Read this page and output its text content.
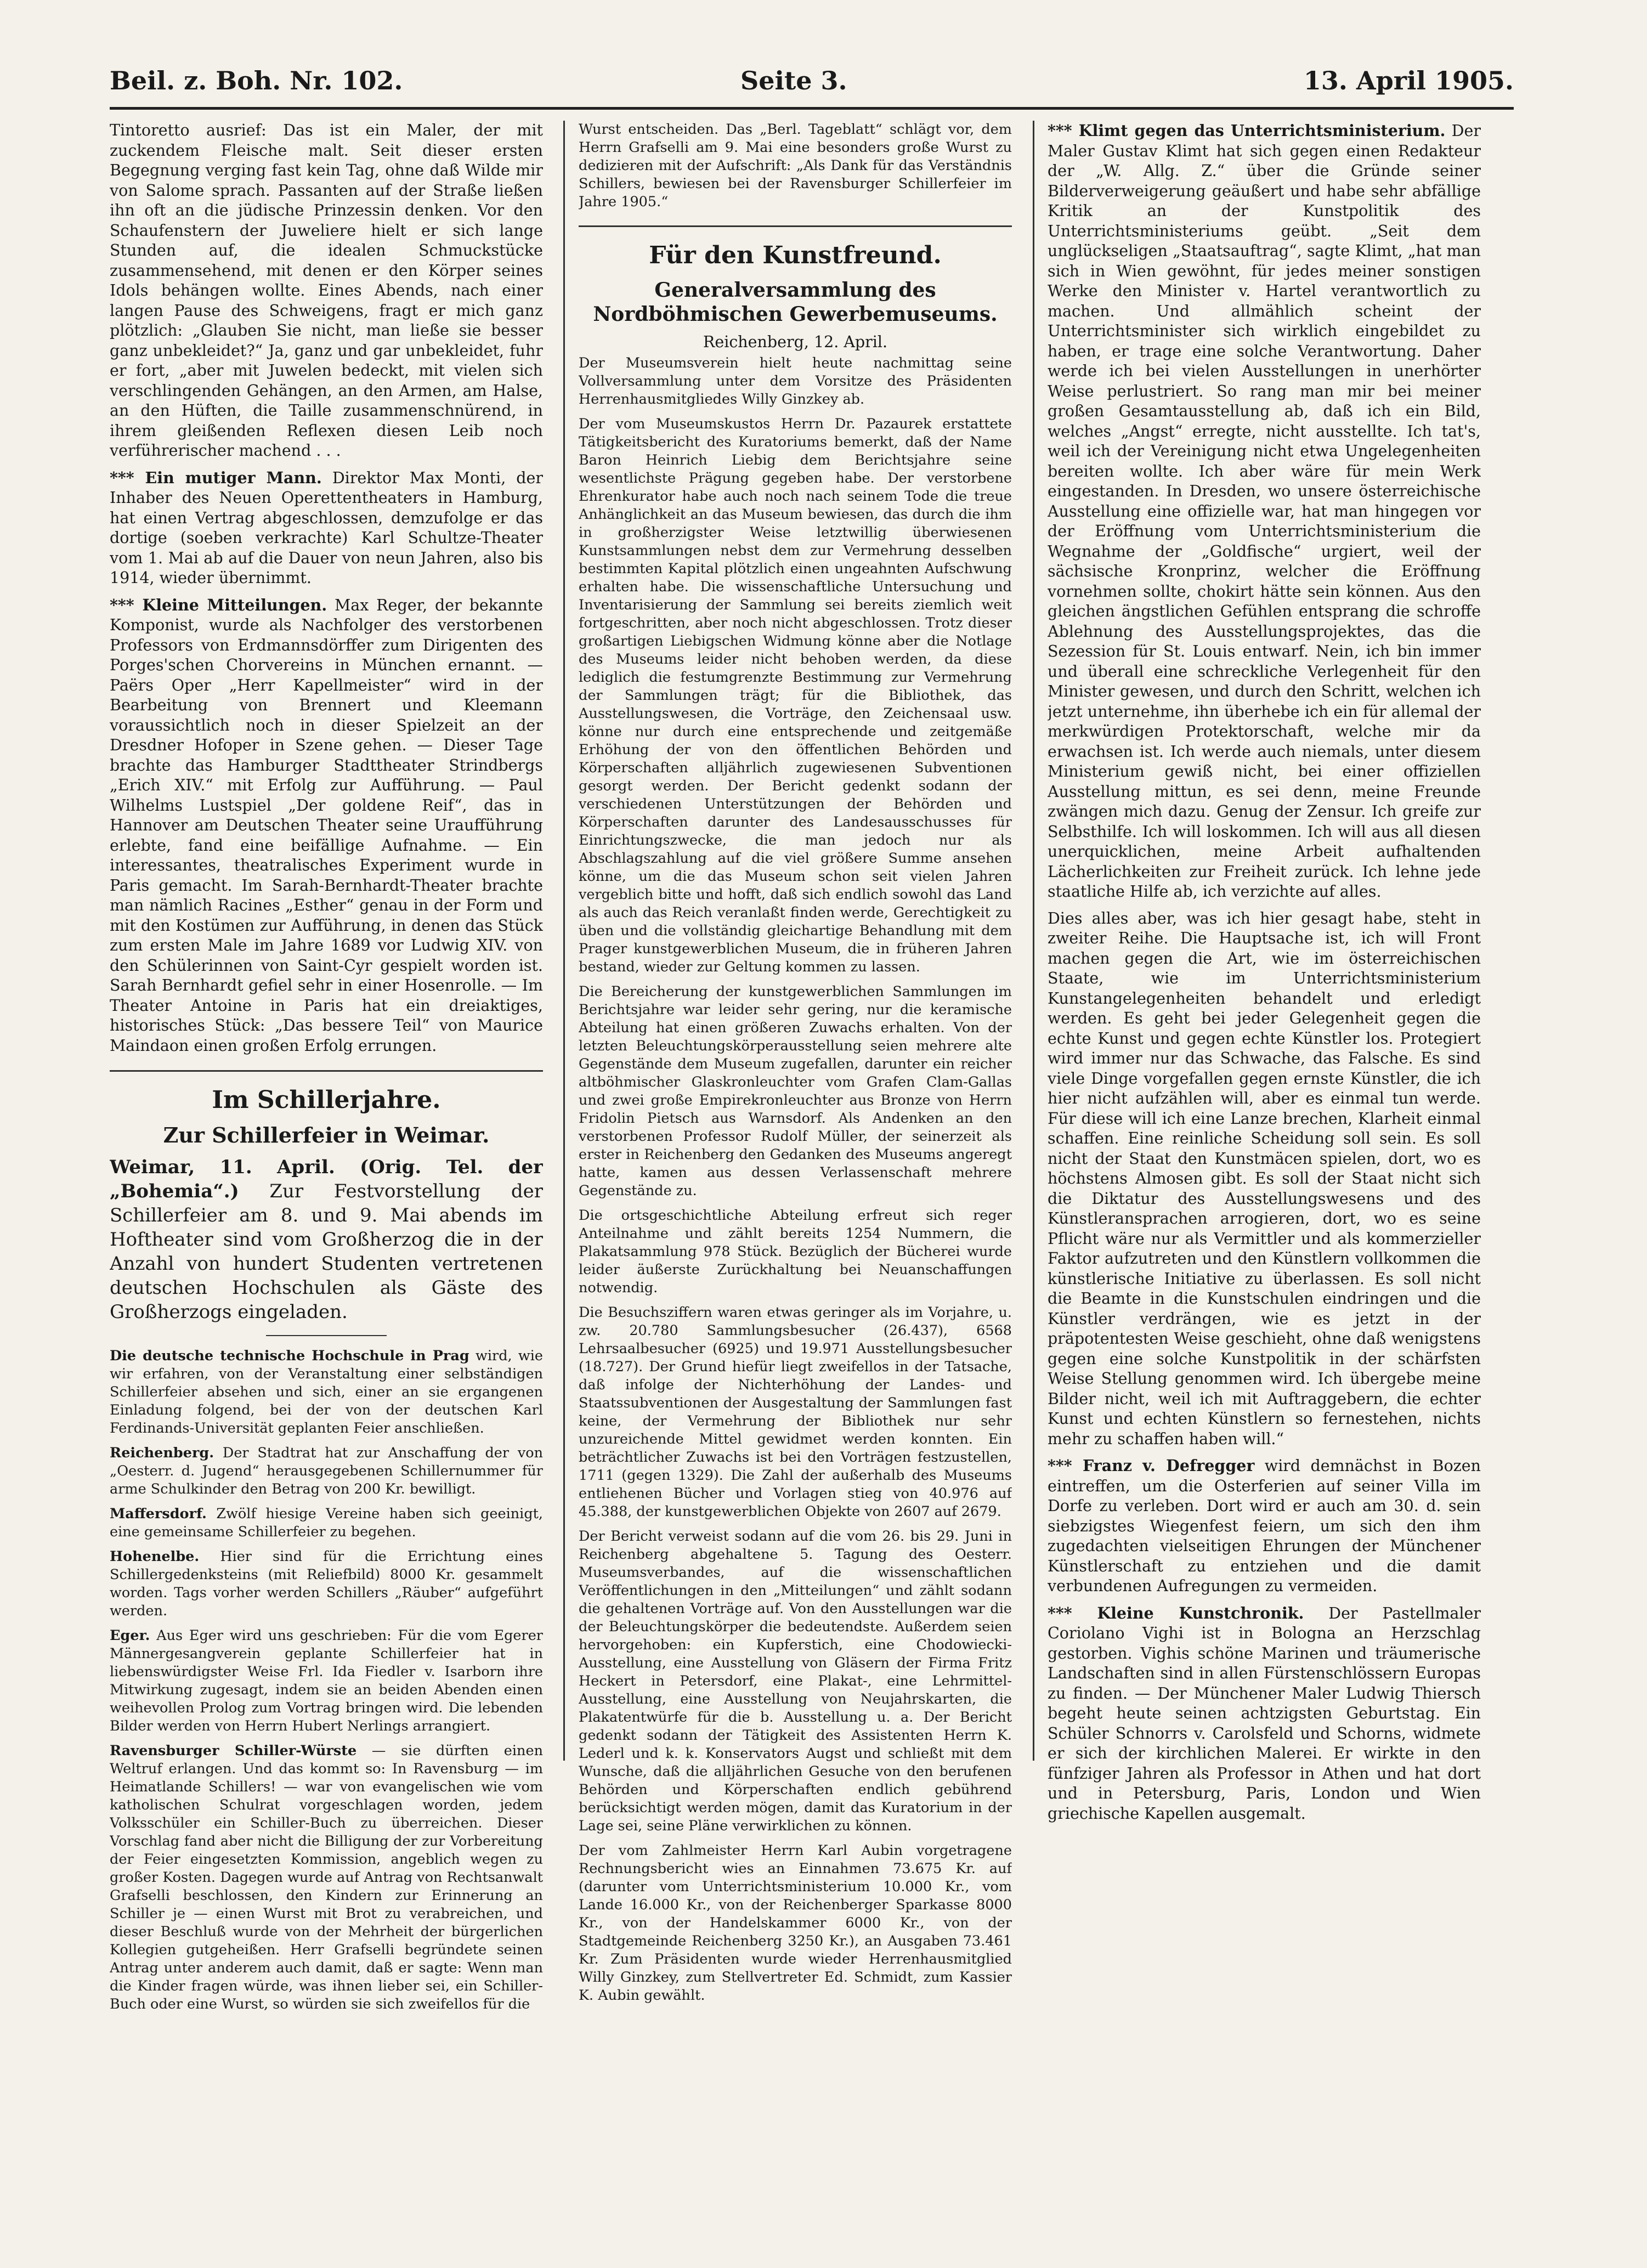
Beil. z. Boh. Nr. 102.	Seite 3.	13. April 1905.

Tintoretto ausrief: Das ist ein Maler, der mit zuckendem Fleische malt. Seit dieser ersten Begegnung verging fast kein Tag, ohne daß Wilde mir von Salome sprach. Passanten auf der Straße ließen ihn oft an die jüdische Prinzessin denken. Vor den Schaufenstern der Juweliere hielt er sich lange Stunden auf, die idealen Schmuckstücke zusammensehend, mit denen er den Körper seines Idols behängen wollte. Eines Abends, nach einer langen Pause des Schweigens, fragt er mich ganz plötzlich: „Glauben Sie nicht, man ließe sie besser ganz unbekleidet?“ Ja, ganz und gar unbekleidet, fuhr er fort, „aber mit Juwelen bedeckt, mit vielen sich verschlingenden Gehängen, an den Armen, am Halse, an den Hüften, die Taille zusammenschnürend, in ihrem gleißenden Reflexen diesen Leib noch verführerischer machend . . .

*** Ein mutiger Mann. Direktor Max Monti, der Inhaber des Neuen Operettentheaters in Hamburg, hat einen Vertrag abgeschlossen, demzufolge er das dortige (soeben verkrachte) Karl Schultze-Theater vom 1. Mai ab auf die Dauer von neun Jahren, also bis 1914, wieder übernimmt.

*** Kleine Mitteilungen. Max Reger, der bekannte Komponist, wurde als Nachfolger des verstorbenen Professors von Erdmannsdörffer zum Dirigenten des Porges'schen Chorvereins in München ernannt. — Paërs Oper „Herr Kapellmeister“ wird in der Bearbeitung von Brennert und Kleemann voraussichtlich noch in dieser Spielzeit an der Dresdner Hofoper in Szene gehen. — Dieser Tage brachte das Hamburger Stadttheater Strindbergs „Erich XIV.“ mit Erfolg zur Aufführung. — Paul Wilhelms Lustspiel „Der goldene Reif“, das in Hannover am Deutschen Theater seine Uraufführung erlebte, fand eine beifällige Aufnahme. — Ein interessantes, theatralisches Experiment wurde in Paris gemacht. Im Sarah-Bernhardt-Theater brachte man nämlich Racines „Esther“ genau in der Form und mit den Kostümen zur Aufführung, in denen das Stück zum ersten Male im Jahre 1689 vor Ludwig XIV. von den Schülerinnen von Saint-Cyr gespielt worden ist. Sarah Bernhardt gefiel sehr in einer Hosenrolle. — Im Theater Antoine in Paris hat ein dreiaktiges, historisches Stück: „Das bessere Teil“ von Maurice Maindaon einen großen Erfolg errungen.

Im Schillerjahre.
Zur Schillerfeier in Weimar.

Weimar, 11. April. (Orig. Tel. der „Bohemia“.) Zur Festvorstellung der Schillerfeier am 8. und 9. Mai abends im Hoftheater sind vom Großherzog die in der Anzahl von hundert Studenten vertretenen deutschen Hochschulen als Gäste des Großherzogs eingeladen.

Die deutsche technische Hochschule in Prag wird, wie wir erfahren, von der Veranstaltung einer selbständigen Schillerfeier absehen und sich, einer an sie ergangenen Einladung folgend, bei der von der deutschen Karl Ferdinands-Universität geplanten Feier anschließen.

Reichenberg. Der Stadtrat hat zur Anschaffung der von „Oesterr. d. Jugend“ herausgegebenen Schillernummer für arme Schulkinder den Betrag von 200 Kr. bewilligt.

Maffersdorf. Zwölf hiesige Vereine haben sich geeinigt, eine gemeinsame Schillerfeier zu begehen.

Hohenelbe. Hier sind für die Errichtung eines Schillergedenksteins (mit Reliefbild) 8000 Kr. gesammelt worden. Tags vorher werden Schillers „Räuber“ aufgeführt werden.

Eger. Aus Eger wird uns geschrieben: Für die vom Egerer Männergesangverein geplante Schillerfeier hat in liebenswürdigster Weise Frl. Ida Fiedler v. Isarborn ihre Mitwirkung zugesagt, indem sie an beiden Abenden einen weihevollen Prolog zum Vortrag bringen wird. Die lebenden Bilder werden von Herrn Hubert Nerlings arrangiert.

Ravensburger Schiller-Würste — sie dürften einen Weltruf erlangen. Und das kommt so: In Ravensburg — im Heimatlande Schillers! — war von evangelischen wie vom katholischen Schulrat vorgeschlagen worden, jedem Volksschüler ein Schiller-Buch zu überreichen. Dieser Vorschlag fand aber nicht die Billigung der zur Vorbereitung der Feier eingesetzten Kommission, angeblich wegen zu großer Kosten. Dagegen wurde auf Antrag von Rechtsanwalt Grafselli beschlossen, den Kindern zur Erinnerung an Schiller je — einen Wurst mit Brot zu verabreichen, und dieser Beschluß wurde von der Mehrheit der bürgerlichen Kollegien gutgeheißen. Herr Grafselli begründete seinen Antrag unter anderem auch damit, daß er sagte: Wenn man die Kinder fragen würde, was ihnen lieber sei, ein Schiller-Buch oder eine Wurst, so würden sie sich zweifellos für die

Wurst entscheiden. Das „Berl. Tageblatt“ schlägt vor, dem Herrn Grafselli am 9. Mai eine besonders große Wurst zu dedizieren mit der Aufschrift: „Als Dank für das Verständnis Schillers, bewiesen bei der Ravensburger Schillerfeier im Jahre 1905.“

Für den Kunstfreund.
Generalversammlung des Nordböhmischen Gewerbemuseums.
Reichenberg, 12. April.

Der Museumsverein hielt heute nachmittag seine Vollversammlung unter dem Vorsitze des Präsidenten Herrenhausmitgliedes Willy Ginzkey ab.

Der vom Museumskustos Herrn Dr. Pazaurek erstattete Tätigkeitsbericht des Kuratoriums bemerkt, daß der Name Baron Heinrich Liebig dem Berichtsjahre seine wesentlichste Prägung gegeben habe. Der verstorbene Ehrenkurator habe auch noch nach seinem Tode die treue Anhänglichkeit an das Museum bewiesen, das durch die ihm in großherzigster Weise letztwillig überwiesenen Kunstsammlungen nebst dem zur Vermehrung desselben bestimmten Kapital plötzlich einen ungeahnten Aufschwung erhalten habe. Die wissenschaftliche Untersuchung und Inventarisierung der Sammlung sei bereits ziemlich weit fortgeschritten, aber noch nicht abgeschlossen. Trotz dieser großartigen Liebigschen Widmung könne aber die Notlage des Museums leider nicht behoben werden, da diese lediglich die festumgrenzte Bestimmung zur Vermehrung der Sammlungen trägt; für die Bibliothek, das Ausstellungswesen, die Vorträge, den Zeichensaal usw. könne nur durch eine entsprechende und zeitgemäße Erhöhung der von den öffentlichen Behörden und Körperschaften alljährlich zugewiesenen Subventionen gesorgt werden. Der Bericht gedenkt sodann der verschiedenen Unterstützungen der Behörden und Körperschaften darunter des Landesausschusses für Einrichtungszwecke, die man jedoch nur als Abschlagszahlung auf die viel größere Summe ansehen könne, um die das Museum schon seit vielen Jahren vergeblich bitte und hofft, daß sich endlich sowohl das Land als auch das Reich veranlaßt finden werde, Gerechtigkeit zu üben und die vollständig gleichartige Behandlung mit dem Prager kunstgewerblichen Museum, die in früheren Jahren bestand, wieder zur Geltung kommen zu lassen.

Die Bereicherung der kunstgewerblichen Sammlungen im Berichtsjahre war leider sehr gering, nur die keramische Abteilung hat einen größeren Zuwachs erhalten. Von der letzten Beleuchtungskörperausstellung seien mehrere alte Gegenstände dem Museum zugefallen, darunter ein reicher altböhmischer Glaskronleuchter vom Grafen Clam-Gallas und zwei große Empirekronleuchter aus Bronze von Herrn Fridolin Pietsch aus Warnsdorf. Als Andenken an den verstorbenen Professor Rudolf Müller, der seinerzeit als erster in Reichenberg den Gedanken des Museums angeregt hatte, kamen aus dessen Verlassenschaft mehrere Gegenstände zu.

Die ortsgeschichtliche Abteilung erfreut sich reger Anteilnahme und zählt bereits 1254 Nummern, die Plakatsammlung 978 Stück. Bezüglich der Bücherei wurde leider äußerste Zurückhaltung bei Neuanschaffungen notwendig.

Die Besuchsziffern waren etwas geringer als im Vorjahre, u. zw. 20.780 Sammlungsbesucher (26.437), 6568 Lehrsaalbesucher (6925) und 19.971 Ausstellungsbesucher (18.727). Der Grund hiefür liegt zweifellos in der Tatsache, daß infolge der Nichterhöhung der Landes- und Staatssubventionen der Ausgestaltung der Sammlungen fast keine, der Vermehrung der Bibliothek nur sehr unzureichende Mittel gewidmet werden konnten. Ein beträchtlicher Zuwachs ist bei den Vorträgen festzustellen, 1711 (gegen 1329). Die Zahl der außerhalb des Museums entliehenen Bücher und Vorlagen stieg von 40.976 auf 45.388, der kunstgewerblichen Objekte von 2607 auf 2679.

Der Bericht verweist sodann auf die vom 26. bis 29. Juni in Reichenberg abgehaltene 5. Tagung des Oesterr. Museumsverbandes, auf die wissenschaftlichen Veröffentlichungen in den „Mitteilungen“ und zählt sodann die gehaltenen Vorträge auf. Von den Ausstellungen war die der Beleuchtungskörper die bedeutendste. Außerdem seien hervorgehoben: ein Kupferstich, eine Chodowiecki-Ausstellung, eine Ausstellung von Gläsern der Firma Fritz Heckert in Petersdorf, eine Plakat-, eine Lehrmittel-Ausstellung, eine Ausstellung von Neujahrskarten, die Plakatentwürfe für die b. Ausstellung u. a. Der Bericht gedenkt sodann der Tätigkeit des Assistenten Herrn K. Lederl und k. k. Konservators Augst und schließt mit dem Wunsche, daß die alljährlichen Gesuche von den berufenen Behörden und Körperschaften endlich gebührend berücksichtigt werden mögen, damit das Kuratorium in der Lage sei, seine Pläne verwirklichen zu können.

Der vom Zahlmeister Herrn Karl Aubin vorgetragene Rechnungsbericht wies an Einnahmen 73.675 Kr. auf (darunter vom Unterrichtsministerium 10.000 Kr., vom Lande 16.000 Kr., von der Reichenberger Sparkasse 8000 Kr., von der Handelskammer 6000 Kr., von der Stadtgemeinde Reichenberg 3250 Kr.), an Ausgaben 73.461 Kr. Zum Präsidenten wurde wieder Herrenhausmitglied Willy Ginzkey, zum Stellvertreter Ed. Schmidt, zum Kassier K. Aubin gewählt.

*** Klimt gegen das Unterrichtsministerium. Der Maler Gustav Klimt hat sich gegen einen Redakteur der „W. Allg. Z.“ über die Gründe seiner Bilderverweigerung geäußert und habe sehr abfällige Kritik an der Kunstpolitik des Unterrichtsministeriums geübt. „Seit dem unglückseligen „Staatsauftrag“, sagte Klimt, „hat man sich in Wien gewöhnt, für jedes meiner sonstigen Werke den Minister v. Hartel verantwortlich zu machen. Und allmählich scheint der Unterrichtsminister sich wirklich eingebildet zu haben, er trage eine solche Verantwortung. Daher werde ich bei vielen Ausstellungen in unerhörter Weise perlustriert. So rang man mir bei meiner großen Gesamtausstellung ab, daß ich ein Bild, welches „Angst“ erregte, nicht ausstellte. Ich tat's, weil ich der Vereinigung nicht etwa Ungelegenheiten bereiten wollte. Ich aber wäre für mein Werk eingestanden. In Dresden, wo unsere österreichische Ausstellung eine offizielle war, hat man hingegen vor der Eröffnung vom Unterrichtsministerium die Wegnahme der „Goldfische“ urgiert, weil der sächsische Kronprinz, welcher die Eröffnung vornehmen sollte, chokirt hätte sein können. Aus den gleichen ängstlichen Gefühlen entsprang die schroffe Ablehnung des Ausstellungsprojektes, das die Sezession für St. Louis entwarf. Nein, ich bin immer und überall eine schreckliche Verlegenheit für den Minister gewesen, und durch den Schritt, welchen ich jetzt unternehme, ihn überhebe ich ein für allemal der merkwürdigen Protektorschaft, welche mir da erwachsen ist. Ich werde auch niemals, unter diesem Ministerium gewiß nicht, bei einer offiziellen Ausstellung mittun, es sei denn, meine Freunde zwängen mich dazu. Genug der Zensur. Ich greife zur Selbsthilfe. Ich will loskommen. Ich will aus all diesen unerquicklichen, meine Arbeit aufhaltenden Lächerlichkeiten zur Freiheit zurück. Ich lehne jede staatliche Hilfe ab, ich verzichte auf alles.

Dies alles aber, was ich hier gesagt habe, steht in zweiter Reihe. Die Hauptsache ist, ich will Front machen gegen die Art, wie im österreichischen Staate, wie im Unterrichtsministerium Kunstangelegenheiten behandelt und erledigt werden. Es geht bei jeder Gelegenheit gegen die echte Kunst und gegen echte Künstler los. Protegiert wird immer nur das Schwache, das Falsche. Es sind viele Dinge vorgefallen gegen ernste Künstler, die ich hier nicht aufzählen will, aber es einmal tun werde. Für diese will ich eine Lanze brechen, Klarheit einmal schaffen. Eine reinliche Scheidung soll sein. Es soll nicht der Staat den Kunstmäcen spielen, dort, wo es höchstens Almosen gibt. Es soll der Staat nicht sich die Diktatur des Ausstellungswesens und des Künstleransprachen arrogieren, dort, wo es seine Pflicht wäre nur als Vermittler und als kommerzieller Faktor aufzutreten und den Künstlern vollkommen die künstlerische Initiative zu überlassen. Es soll nicht die Beamte in die Kunstschulen eindringen und die Künstler verdrängen, wie es jetzt in der präpotentesten Weise geschieht, ohne daß wenigstens gegen eine solche Kunstpolitik in der schärfsten Weise Stellung genommen wird. Ich übergebe meine Bilder nicht, weil ich mit Auftraggebern, die echter Kunst und echten Künstlern so fernestehen, nichts mehr zu schaffen haben will.“

*** Franz v. Defregger wird demnächst in Bozen eintreffen, um die Osterferien auf seiner Villa im Dorfe zu verleben. Dort wird er auch am 30. d. sein siebzigstes Wiegenfest feiern, um sich den ihm zugedachten vielseitigen Ehrungen der Münchener Künstlerschaft zu entziehen und die damit verbundenen Aufregungen zu vermeiden.

*** Kleine Kunstchronik. Der Pastellmaler Coriolano Vighi ist in Bologna an Herzschlag gestorben. Vighis schöne Marinen und träumerische Landschaften sind in allen Fürstenschlössern Europas zu finden. — Der Münchener Maler Ludwig Thiersch begeht heute seinen achtzigsten Geburtstag. Ein Schüler Schnorrs v. Carolsfeld und Schorns, widmete er sich der kirchlichen Malerei. Er wirkte in den fünfziger Jahren als Professor in Athen und hat dort und in Petersburg, Paris, London und Wien griechische Kapellen ausgemalt.
